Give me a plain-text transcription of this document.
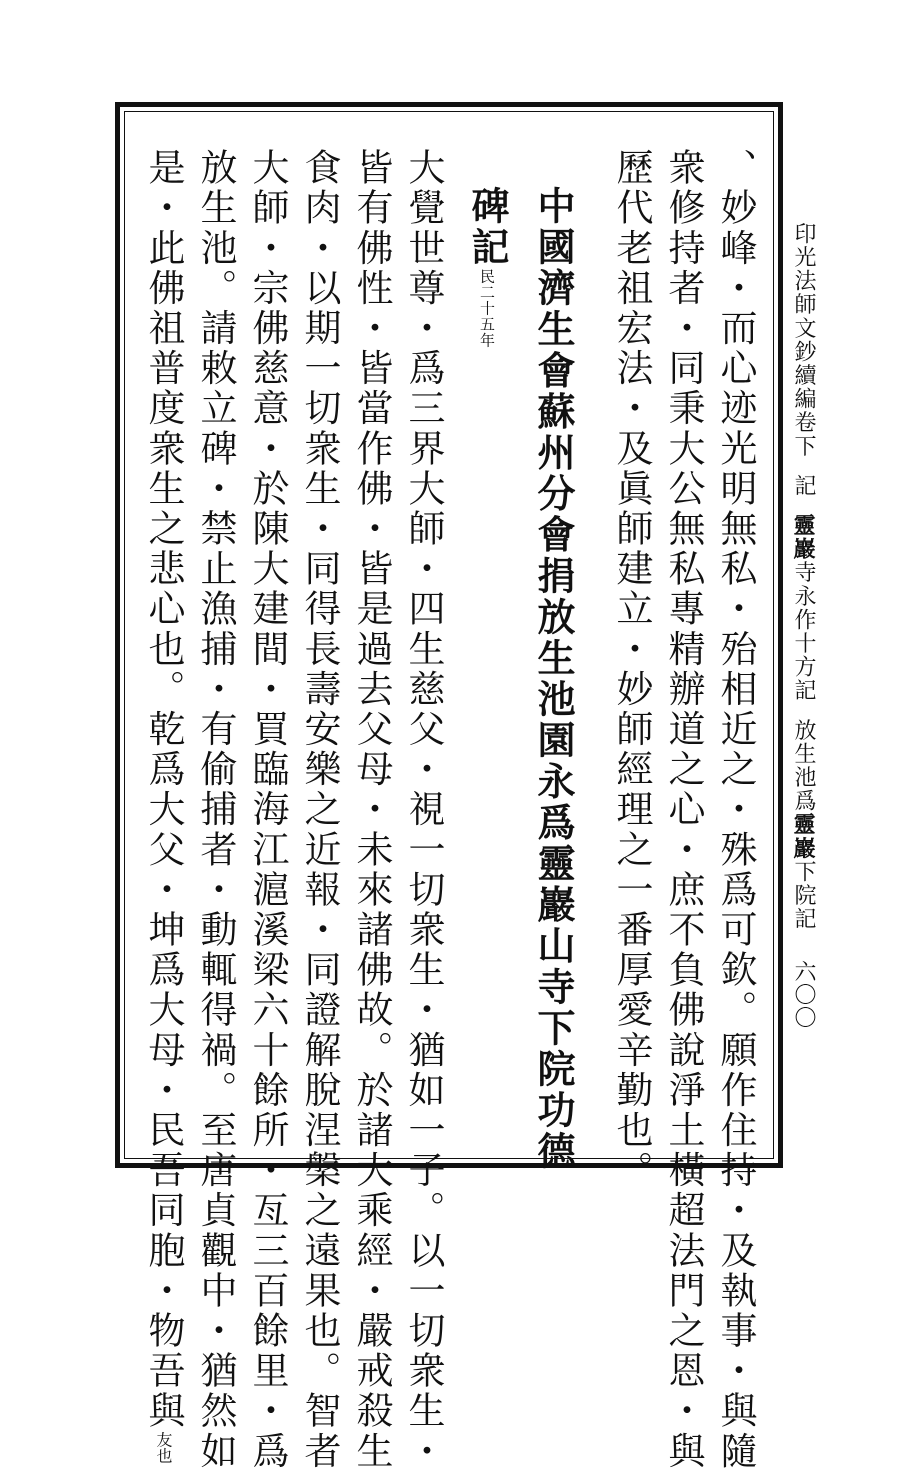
印光法師文鈔續編卷下記靈巖寺永作十方記放生池爲靈巖下院記
六〇〇
、妙峰・而心迹光明無私・殆相近之・殊爲可欽。願作住持・及執事・與隨
衆修持者・同秉大公無私專精辦道之心・庶不負佛說淨土橫超法門之恩・與
歷代老祖宏法・及眞師建立・妙師經理之一番厚愛辛勤也。
中國濟生會蘇州分會捐放生池園永爲靈巖山寺下院功德
碑記民二十五年
大覺世尊・爲三界大師・四生慈父・視一切衆生・猶如一子。以一切衆生・
皆有佛性・皆當作佛・皆是過去父母・未來諸佛故。於諸大乘經・嚴戒殺生
食肉・以期一切衆生・同得長壽安樂之近報・同證解脫涅槃之遠果也。智者
大師・宗佛慈意・於陳大建間・買臨海江滬溪梁六十餘所・亙三百餘里・爲
放生池。請敕立碑・禁止漁捕・有偷捕者・動輒得禍。至唐貞觀中・猶然如
是・此佛祖普度衆生之悲心也。乾爲大父・坤爲大母・民吾同胞・物吾與友也
